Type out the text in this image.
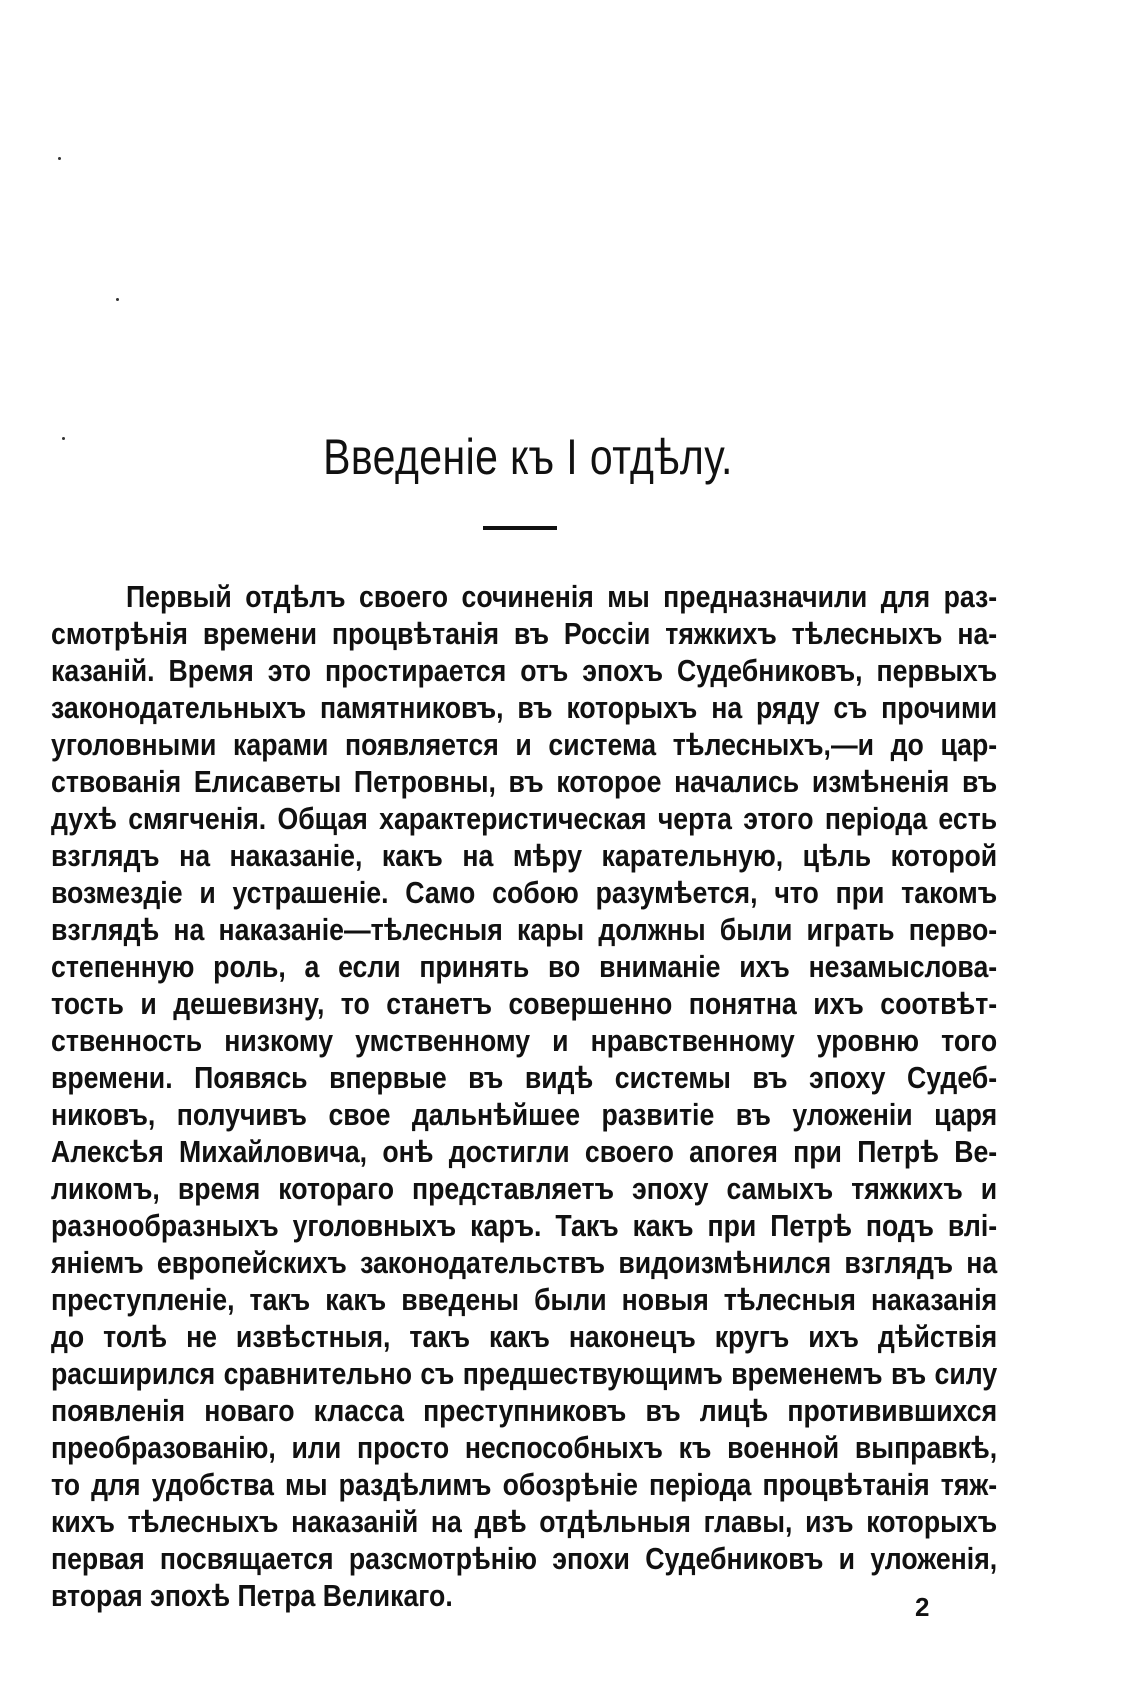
Введеніе къ I отдѣлу.
Первый отдѣлъ своего сочиненія мы предназначили для раз-
смотрѣнія времени процвѣтанія въ Россіи тяжкихъ тѣлесныхъ на-
казаній. Время это простирается отъ эпохъ Судебниковъ, первыхъ
законодательныхъ памятниковъ, въ которыхъ на ряду съ прочими
уголовными карами появляется и система тѣлесныхъ,—и до цар-
ствованія Елисаветы Петровны, въ которое начались измѣненія въ
духѣ смягченія. Общая характеристическая черта этого періода есть
взглядъ на наказаніе, какъ на мѣру карательную, цѣль которой
возмездіе и устрашеніе. Само собою разумѣется, что при такомъ
взглядѣ на наказаніе—тѣлесныя кары должны были играть перво-
степенную роль, а если принять во вниманіе ихъ незамыслова-
тость и дешевизну, то станетъ совершенно понятна ихъ соотвѣт-
ственность низкому умственному и нравственному уровню того
времени. Появясь впервые въ видѣ системы въ эпоху Судеб-
никовъ, получивъ свое дальнѣйшее развитіе въ уложеніи царя
Алексѣя Михайловича, онѣ достигли своего апогея при Петрѣ Ве-
ликомъ, время котораго представляетъ эпоху самыхъ тяжкихъ и
разнообразныхъ уголовныхъ каръ. Такъ какъ при Петрѣ подъ влі-
яніемъ европейскихъ законодательствъ видоизмѣнился взглядъ на
преступленіе, такъ какъ введены были новыя тѣлесныя наказанія
до толѣ не извѣстныя, такъ какъ наконецъ кругъ ихъ дѣйствія
расширился сравнительно съ предшествующимъ временемъ въ силу
появленія новаго класса преступниковъ въ лицѣ противившихся
преобразованію, или просто неспособныхъ къ военной выправкѣ,
то для удобства мы раздѣлимъ обозрѣніе періода процвѣтанія тяж-
кихъ тѣлесныхъ наказаній на двѣ отдѣльныя главы, изъ которыхъ
первая посвящается разсмотрѣнію эпохи Судебниковъ и уложенія,
вторая эпохѣ Петра Великаго.	2
